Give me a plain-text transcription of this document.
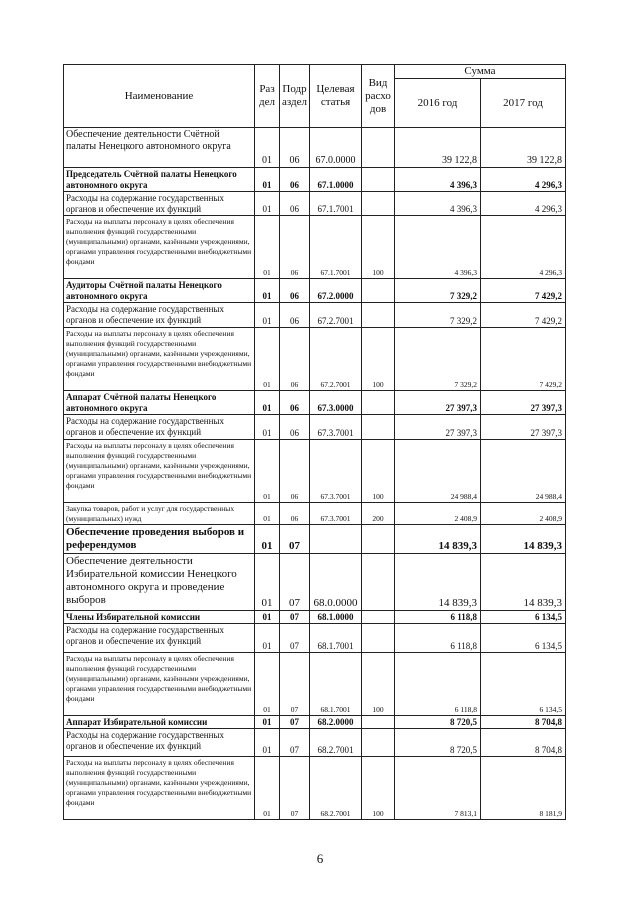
Наименование	Раз дел	Подр аздел	Целевая статья	Вид расхо дов	Сумма	
					2016 год	2017 год
Обеспечение деятельности Счётной палаты Ненецкого автономного округа	01	06	67.0.0000		39 122,8	39 122,8
Председатель Счётной палаты Ненецкого автономного округа	01	06	67.1.0000		4 396,3	4 296,3
Расходы на содержание государственных органов и обеспечение их функций	01	06	67.1.7001		4 396,3	4 296,3
Расходы на выплаты персоналу в целях обеспечения выполнения функций государственными (муниципальными) органами, казёнными учреждениями, органами управления государственными внебюджетными фондами	01	06	67.1.7001	100	4 396,3	4 296,3
Аудиторы Счётной палаты Ненецкого автономного округа	01	06	67.2.0000		7 329,2	7 429,2
Расходы на содержание государственных органов и обеспечение их функций	01	06	67.2.7001		7 329,2	7 429,2
Расходы на выплаты персоналу в целях обеспечения выполнения функций государственными (муниципальными) органами, казёнными учреждениями, органами управления государственными внебюджетными фондами	01	06	67.2.7001	100	7 329,2	7 429,2
Аппарат Счётной палаты Ненецкого автономного округа	01	06	67.3.0000		27 397,3	27 397,3
Расходы на содержание государственных органов и обеспечение их функций	01	06	67.3.7001		27 397,3	27 397,3
Расходы на выплаты персоналу в целях обеспечения выполнения функций государственными (муниципальными) органами, казёнными учреждениями, органами управления государственными внебюджетными фондами	01	06	67.3.7001	100	24 988,4	24 988,4
Закупка товаров, работ и услуг для государственных (муниципальных) нужд	01	06	67.3.7001	200	2 408,9	2 408,9
Обеспечение проведения выборов и референдумов	01	07			14 839,3	14 839,3
Обеспечение деятельности Избирательной комиссии Ненецкого автономного округа и проведение выборов	01	07	68.0.0000		14 839,3	14 839,3
Члены Избирательной комиссии	01	07	68.1.0000		6 118,8	6 134,5
Расходы на содержание государственных органов и обеспечение их функций	01	07	68.1.7001		6 118,8	6 134,5
Расходы на выплаты персоналу в целях обеспечения выполнения функций государственными (муниципальными) органами, казёнными учреждениями, органами управления государственными внебюджетными фондами	01	07	68.1.7001	100	6 118,8	6 134,5
Аппарат Избирательной комиссии	01	07	68.2.0000		8 720,5	8 704,8
Расходы на содержание государственных органов и обеспечение их функций	01	07	68.2.7001		8 720,5	8 704,8
Расходы на выплаты персоналу в целях обеспечения выполнения функций государственными (муниципальными) органами, казёнными учреждениями, органами управления государственными внебюджетными фондами	01	07	68.2.7001	100	7 813,1	8 181,9
6
